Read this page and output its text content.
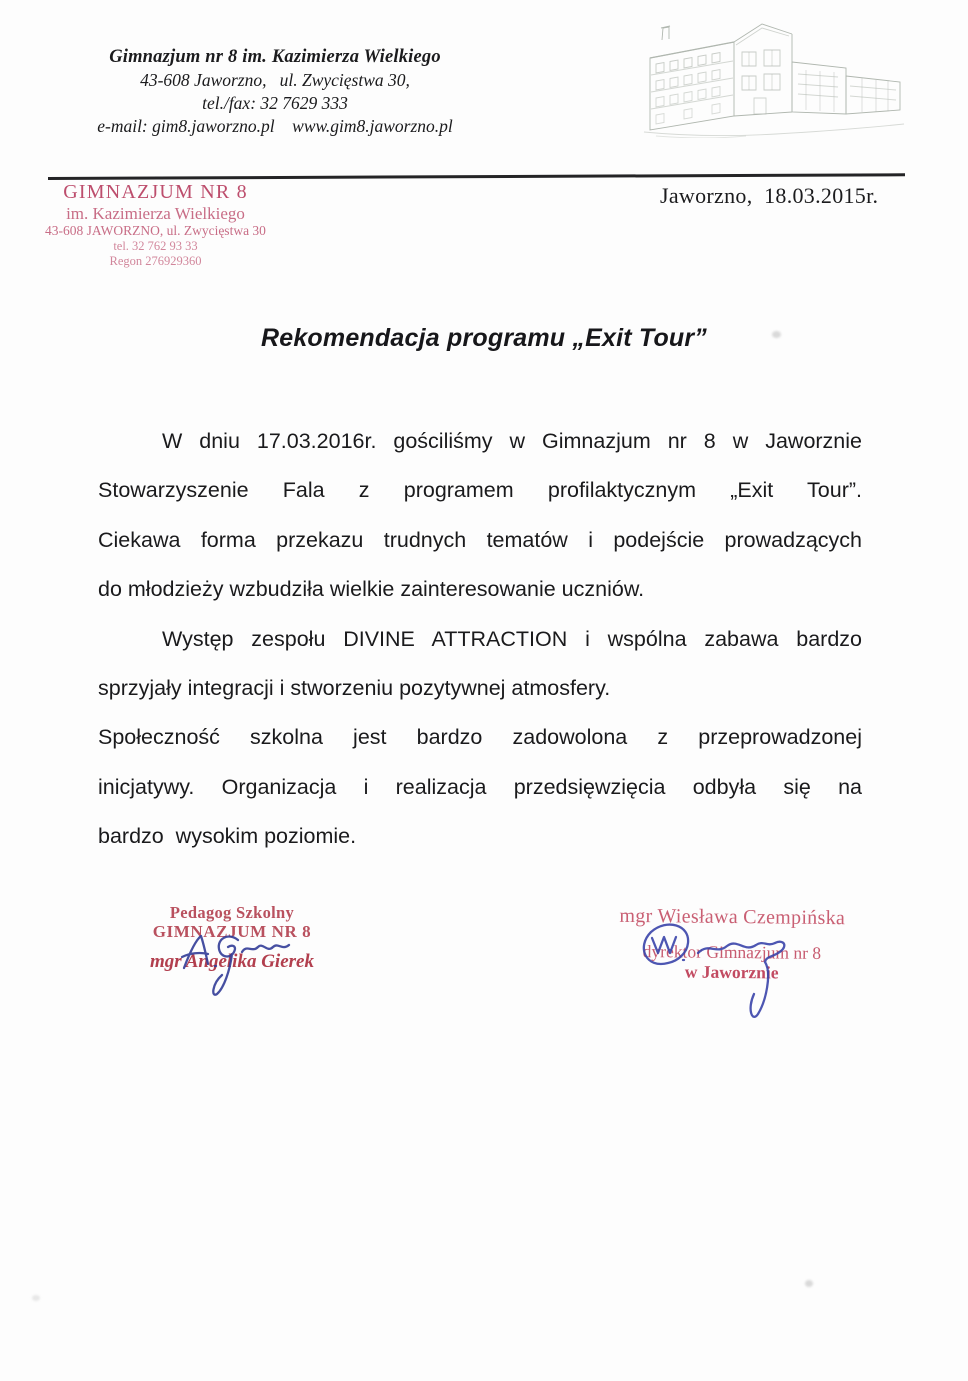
Gimnazjum nr 8 im. Kazimierza Wielkiego
43-608 Jaworzno,   ul. Zwycięstwa 30,
tel./fax: 32 7629 333
e-mail: gim8.jaworzno.pl    www.gim8.jaworzno.pl
GIMNAZJUM NR 8
im. Kazimierza Wielkiego
43-608 JAWORZNO, ul. Zwycięstwa 30
tel. 32 762 93 33
Regon 276929360
Jaworzno,  18.03.2015r.
Rekomendacja programu „Exit Tour”
W dniu 17.03.2016r. gościliśmy w Gimnazjum nr 8 w Jaworznie
Stowarzyszenie Fala z programem profilaktycznym „Exit Tour”.
Ciekawa forma przekazu trudnych tematów i podejście prowadzących
do młodzieży wzbudziła wielkie zainteresowanie uczniów.
Występ zespołu DIVINE ATTRACTION i wspólna zabawa bardzo
sprzyjały integracji i stworzeniu pozytywnej atmosfery.
Społeczność szkolna jest bardzo zadowolona z przeprowadzonej
inicjatywy. Organizacja i realizacja przedsięwzięcia odbyła się na
bardzo  wysokim poziomie.
Pedagog Szkolny
GIMNAZJUM NR 8
mgr Angelika Gierek
mgr Wiesława Czempińska
dyrektor Gimnazjum nr 8
w Jaworznie
